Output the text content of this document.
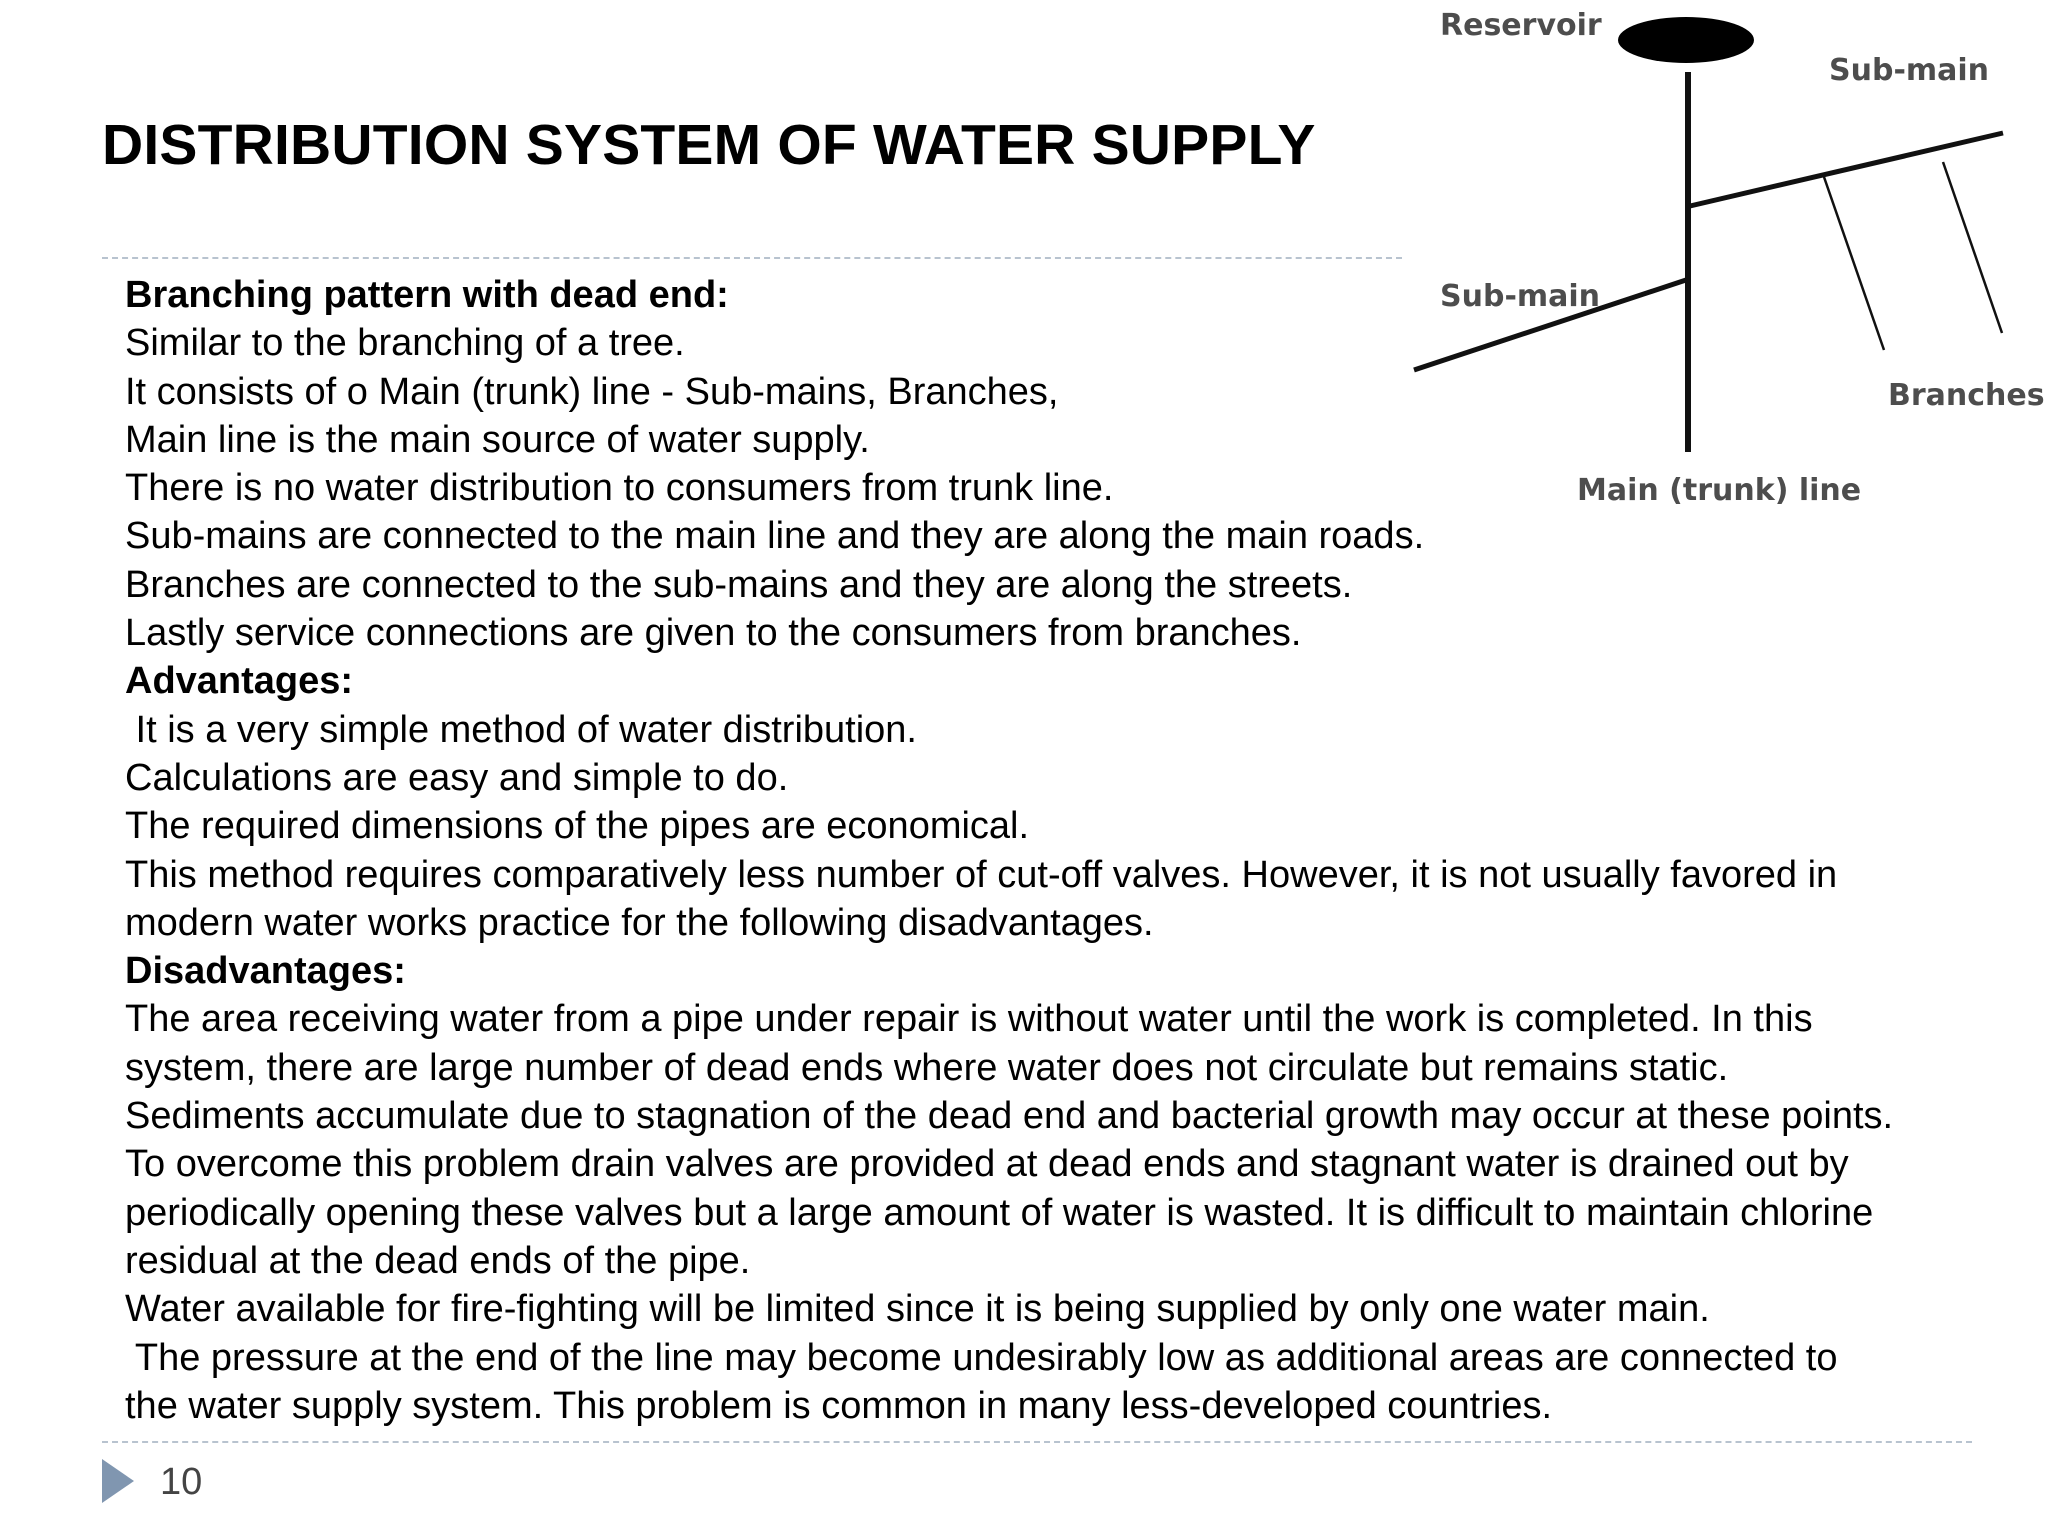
DISTRIBUTION SYSTEM OF WATER SUPPLY
Reservoir
Sub-main
Sub-main
Branches
Main (trunk) line
Branching pattern with dead end:
Similar to the branching of a tree.
It consists of o Main (trunk) line - Sub-mains, Branches,
Main line is the main source of water supply.
There is no water distribution to consumers from trunk line.
Sub-mains are connected to the main line and they are along the main roads.
Branches are connected to the sub-mains and they are along the streets.
Lastly service connections are given to the consumers from branches.
Advantages:
It is a very simple method of water distribution.
Calculations are easy and simple to do.
The required dimensions of the pipes are economical.
This method requires comparatively less number of cut-off valves. However, it is not usually favored in
modern water works practice for the following disadvantages.
Disadvantages:
The area receiving water from a pipe under repair is without water until the work is completed. In this
system, there are large number of dead ends where water does not circulate but remains static.
Sediments accumulate due to stagnation of the dead end and bacterial growth may occur at these points.
To overcome this problem drain valves are provided at dead ends and stagnant water is drained out by
periodically opening these valves but a large amount of water is wasted. It is difficult to maintain chlorine
residual at the dead ends of the pipe.
Water available for fire-fighting will be limited since it is being supplied by only one water main.
The pressure at the end of the line may become undesirably low as additional areas are connected to
the water supply system. This problem is common in many less-developed countries.
10
